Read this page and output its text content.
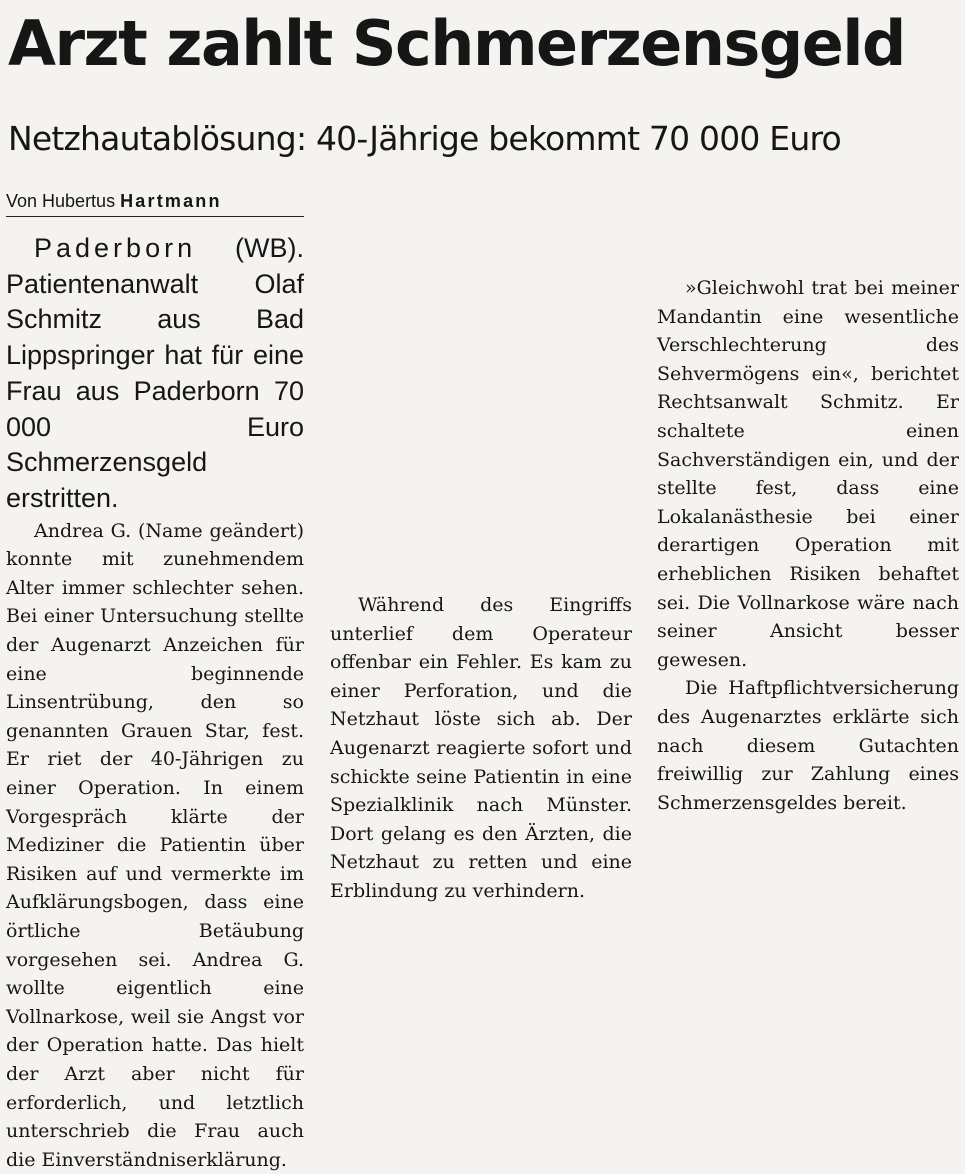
Arzt zahlt Schmerzensgeld
Netzhautablösung: 40-Jährige bekommt 70 000 Euro
Von Hubertus Hartmann

Paderborn (WB). Patientenanwalt Olaf Schmitz aus Bad Lippspringer hat für eine Frau aus Paderborn 70 000 Euro Schmerzensgeld erstritten.

Andrea G. (Name geändert) konnte mit zunehmendem Alter immer schlechter sehen. Bei einer Untersuchung stellte der Augenarzt Anzeichen für eine beginnende Linsentrübung, den so genannten Grauen Star, fest. Er riet der 40-Jährigen zu einer Operation. In einem Vorgespräch klärte der Mediziner die Patientin über Risiken auf und vermerkte im Aufklärungsbogen, dass eine örtliche Betäubung vorgesehen sei. Andrea G. wollte eigentlich eine Vollnarkose, weil sie Angst vor der Operation hatte. Das hielt der Arzt aber nicht für erforderlich, und letztlich unterschrieb die Frau auch die Einverständniserklärung.

Während des Eingriffs unterlief dem Operateur offenbar ein Fehler. Es kam zu einer Perforation, und die Netzhaut löste sich ab. Der Augenarzt reagierte sofort und schickte seine Patientin in eine Spezialklinik nach Münster. Dort gelang es den Ärzten, die Netzhaut zu retten und eine Erblindung zu verhindern.

»Gleichwohl trat bei meiner Mandantin eine wesentliche Verschlechterung des Sehvermögens ein«, berichtet Rechtsanwalt Schmitz. Er schaltete einen Sachverständigen ein, und der stellte fest, dass eine Lokalanästhesie bei einer derartigen Operation mit erheblichen Risiken behaftet sei. Die Vollnarkose wäre nach seiner Ansicht besser gewesen.

Die Haftpflichtversicherung des Augenarztes erklärte sich nach diesem Gutachten freiwillig zur Zahlung eines Schmerzensgeldes bereit.
